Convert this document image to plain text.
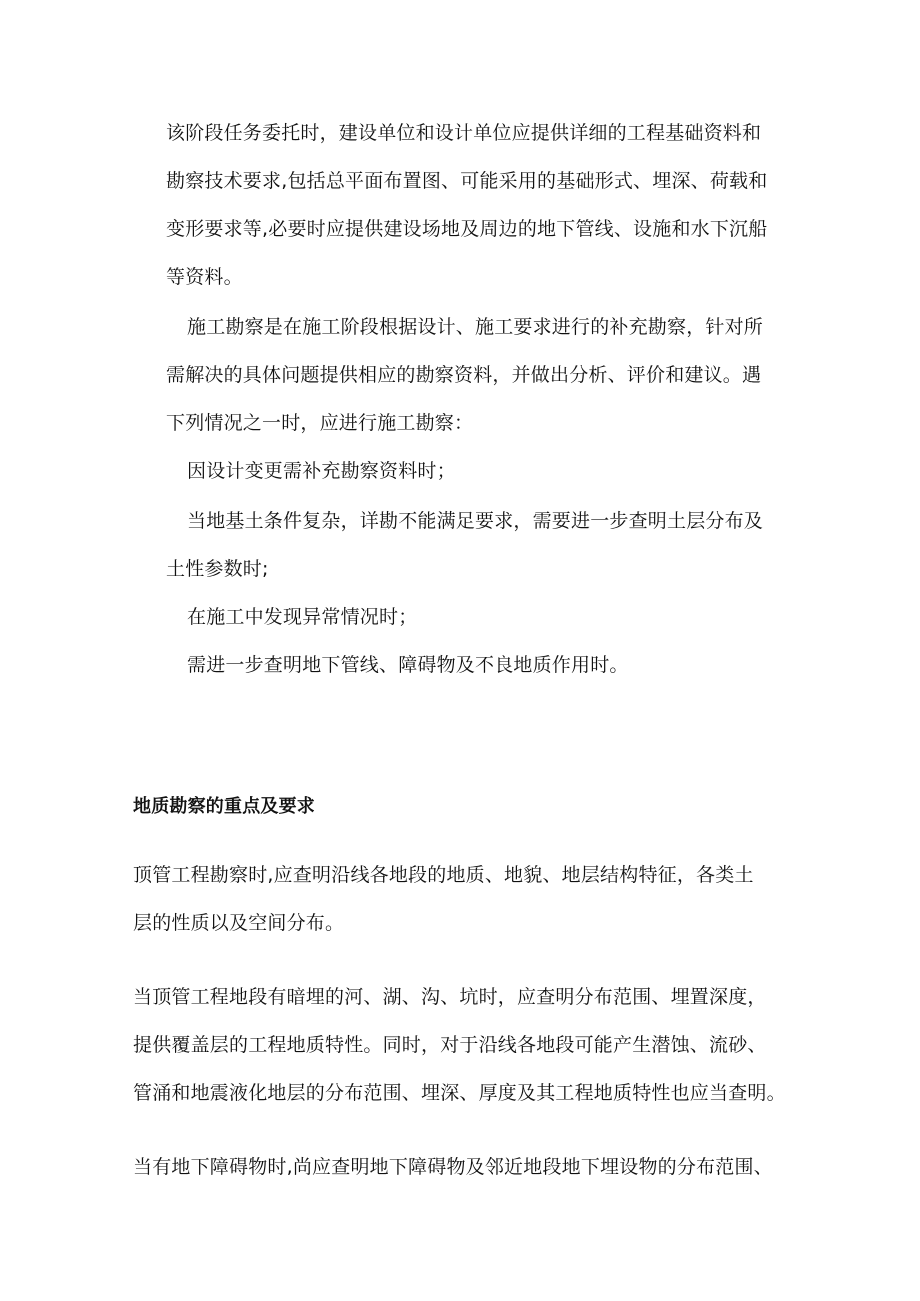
该阶段任务委托时，建设单位和设计单位应提供详细的工程基础资料和

勘察技术要求,包括总平面布置图、可能采用的基础形式、埋深、荷载和

变形要求等,必要时应提供建设场地及周边的地下管线、设施和水下沉船

等资料。

施工勘察是在施工阶段根据设计、施工要求进行的补充勘察，针对所

需解决的具体问题提供相应的勘察资料，并做出分析、评价和建议。遇

下列情况之一时，应进行施工勘察：

因设计变更需补充勘察资料时；

当地基土条件复杂，详勘不能满足要求，需要进一步查明土层分布及

土性参数时;

在施工中发现异常情况时；

需进一步查明地下管线、障碍物及不良地质作用时。

地质勘察的重点及要求

顶管工程勘察时,应查明沿线各地段的地质、地貌、地层结构特征，各类土

层的性质以及空间分布。

当顶管工程地段有暗埋的河、湖、沟、坑时，应查明分布范围、埋置深度，

提供覆盖层的工程地质特性。同时，对于沿线各地段可能产生潜蚀、流砂、

管涌和地震液化地层的分布范围、埋深、厚度及其工程地质特性也应当查明。

当有地下障碍物时,尚应查明地下障碍物及邻近地段地下埋设物的分布范围、
